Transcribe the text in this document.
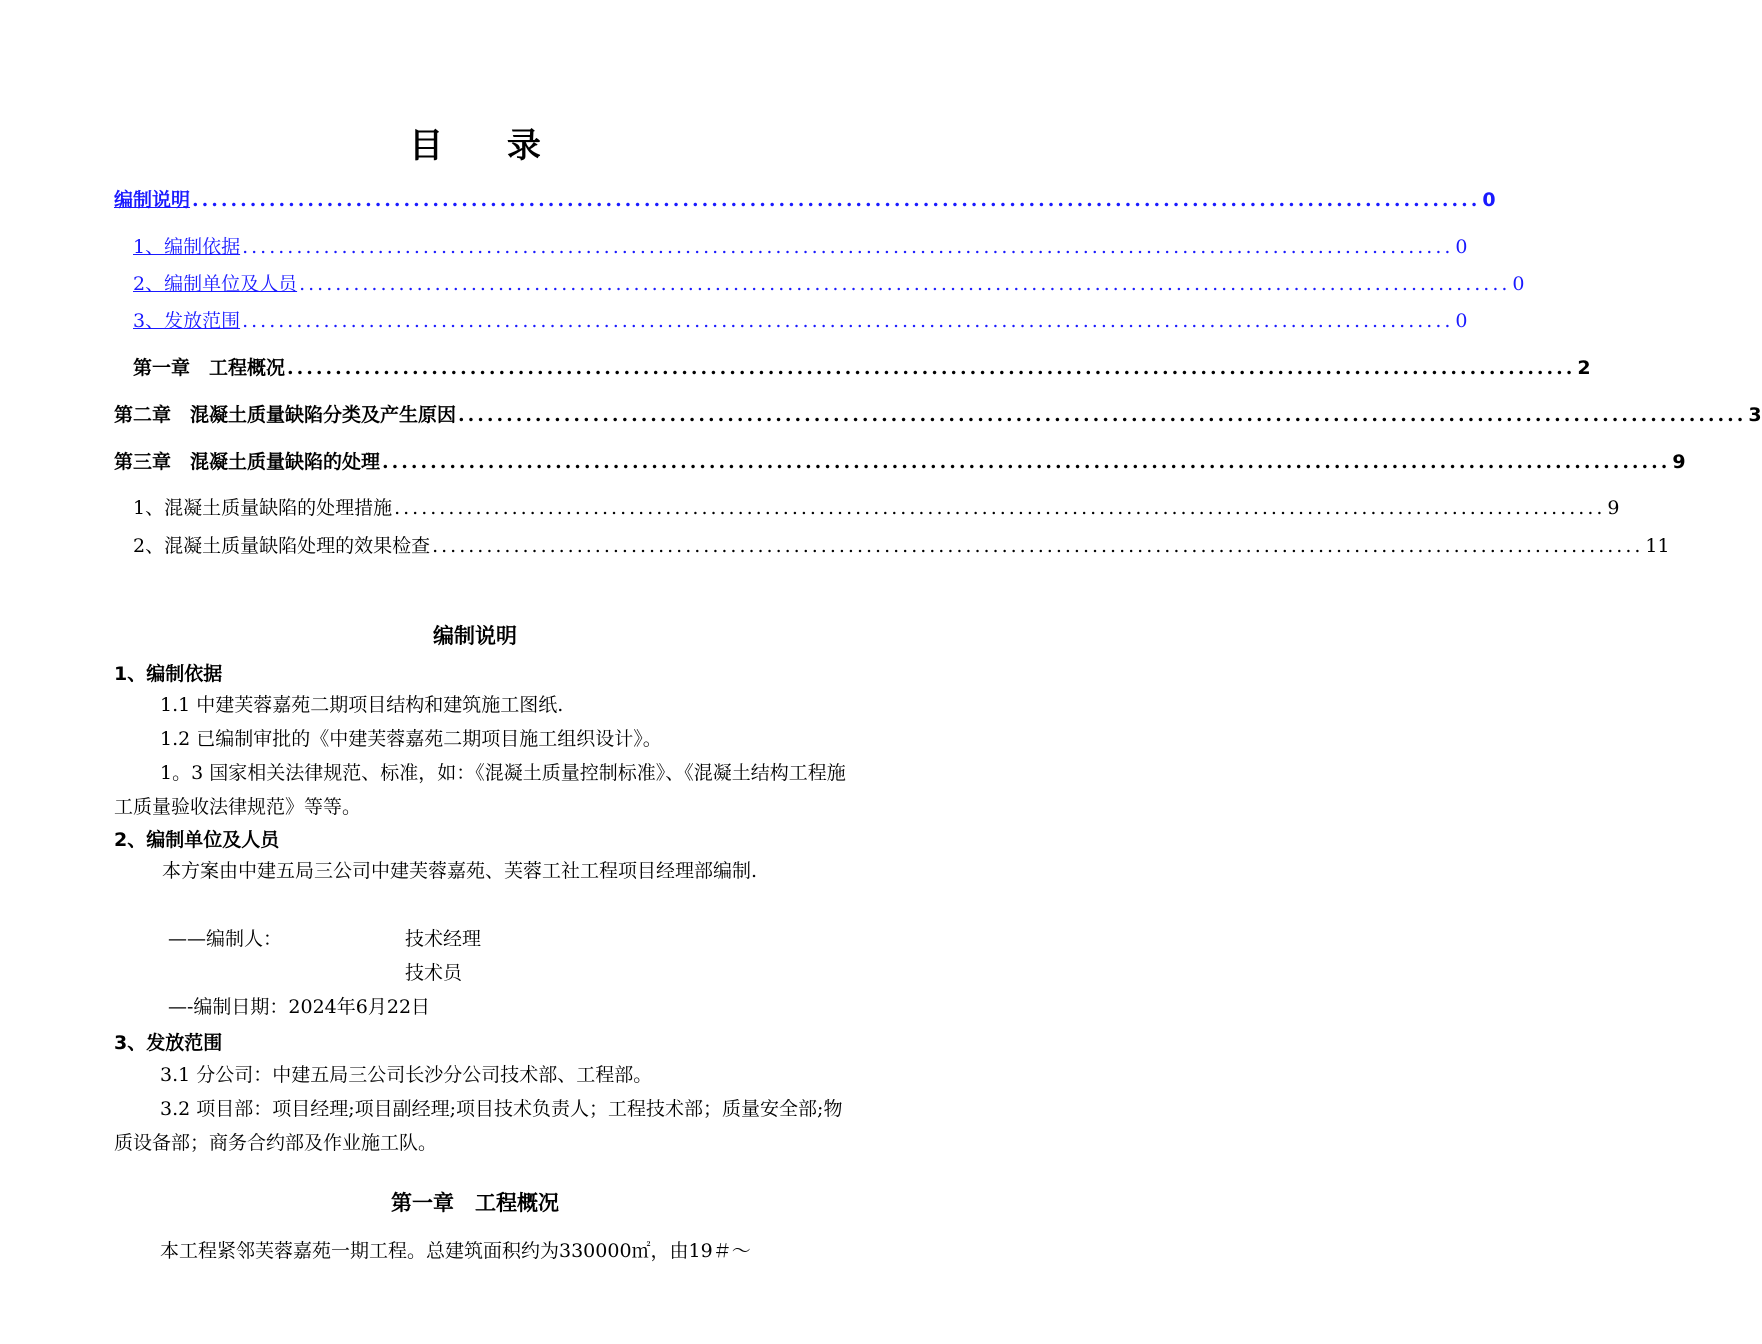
目 录
编制说明 ...................................................................................................................................... 0
1、编制依据 ...................................................................................................................................... 0
2、编制单位及人员 ...................................................................................................................................... 0
3、发放范围 ...................................................................................................................................... 0
第一章　工程概况 ...................................................................................................................................... 2
第二章　混凝土质量缺陷分类及产生原因 ...................................................................................................................................... 3
第三章　混凝土质量缺陷的处理 ...................................................................................................................................... 9
1、混凝土质量缺陷的处理措施 ...................................................................................................................................... 9
2、混凝土质量缺陷处理的效果检查 ...................................................................................................................................... 11
编制说明
1、编制依据
1.1 中建芙蓉嘉苑二期项目结构和建筑施工图纸.
1.2 已编制审批的《中建芙蓉嘉苑二期项目施工组织设计》。
1。3 国家相关法律规范、标准，如：《混凝土质量控制标准》、《混凝土结构工程施工质量验收法律规范》等等。
2、编制单位及人员
本方案由中建五局三公司中建芙蓉嘉苑、芙蓉工社工程项目经理部编制.
——编制人：	技术经理
技术员
—-编制日期：2024年6月22日
3、发放范围
3.1 分公司：中建五局三公司长沙分公司技术部、工程部。
3.2 项目部：项目经理;项目副经理;项目技术负责人；工程技术部；质量安全部;物质设备部；商务合约部及作业施工队。
第一章　工程概况
本工程紧邻芙蓉嘉苑一期工程。总建筑面积约为330000㎡，由19＃～
